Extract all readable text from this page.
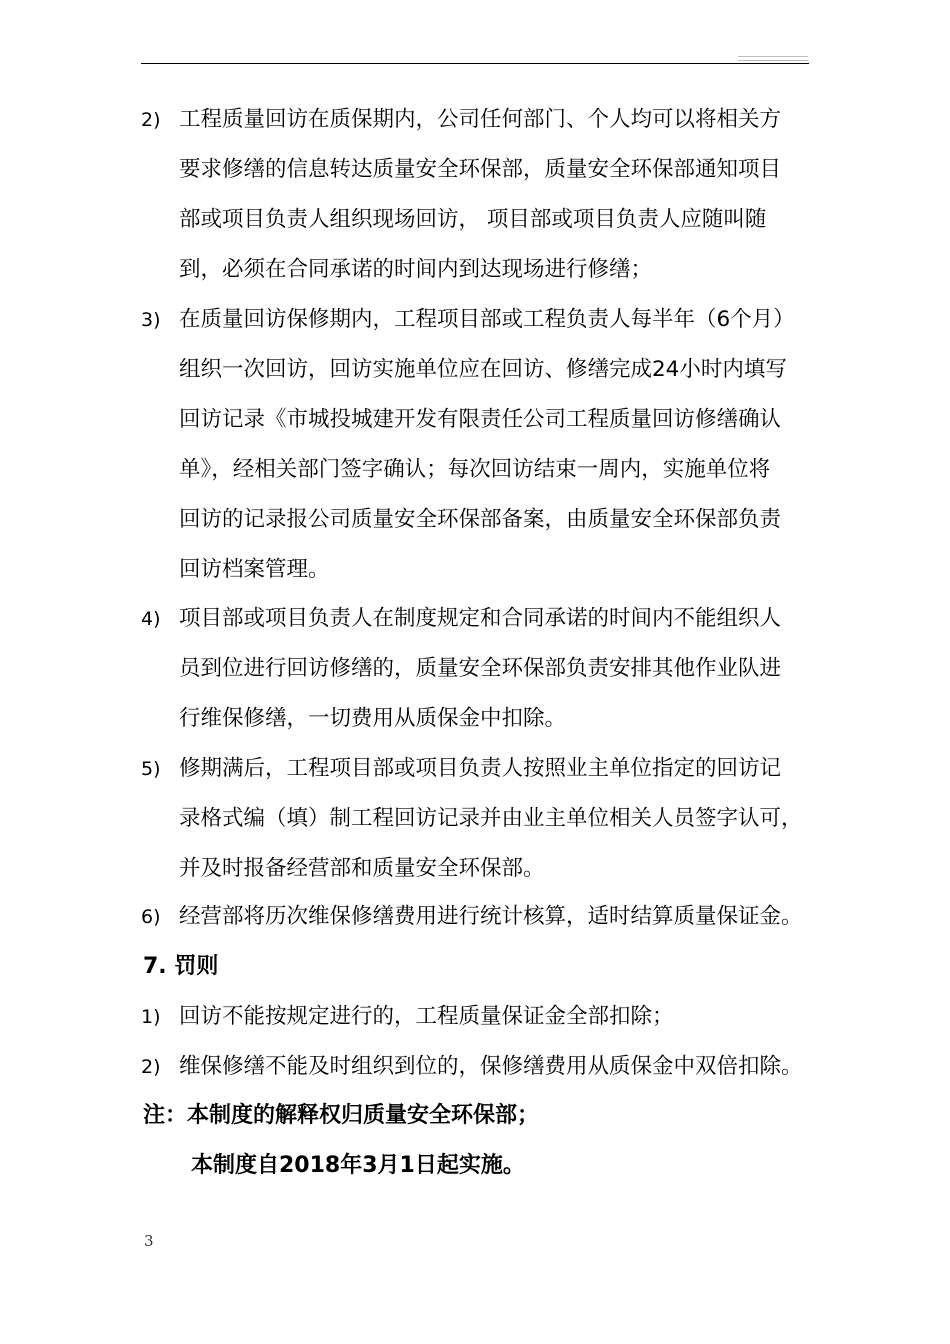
2) 工程质量回访在质保期内，公司任何部门、个人均可以将相关方
要求修缮的信息转达质量安全环保部，质量安全环保部通知项目
部或项目负责人组织现场回访， 项目部或项目负责人应随叫随
到，必须在合同承诺的时间内到达现场进行修缮；
3) 在质量回访保修期内，工程项目部或工程负责人每半年（6个月）
组织一次回访，回访实施单位应在回访、修缮完成24小时内填写
回访记录《市城投城建开发有限责任公司工程质量回访修缮确认
单》，经相关部门签字确认；每次回访结束一周内，实施单位将
回访的记录报公司质量安全环保部备案，由质量安全环保部负责
回访档案管理。
4) 项目部或项目负责人在制度规定和合同承诺的时间内不能组织人
员到位进行回访修缮的，质量安全环保部负责安排其他作业队进
行维保修缮，一切费用从质保金中扣除。
5) 修期满后，工程项目部或项目负责人按照业主单位指定的回访记
录格式编（填）制工程回访记录并由业主单位相关人员签字认可，
并及时报备经营部和质量安全环保部。
6) 经营部将历次维保修缮费用进行统计核算，适时结算质量保证金。
7. 罚则
1) 回访不能按规定进行的，工程质量保证金全部扣除；
2) 维保修缮不能及时组织到位的，保修缮费用从质保金中双倍扣除。
注：本制度的解释权归质量安全环保部；
本制度自2018年3月1日起实施。
3
